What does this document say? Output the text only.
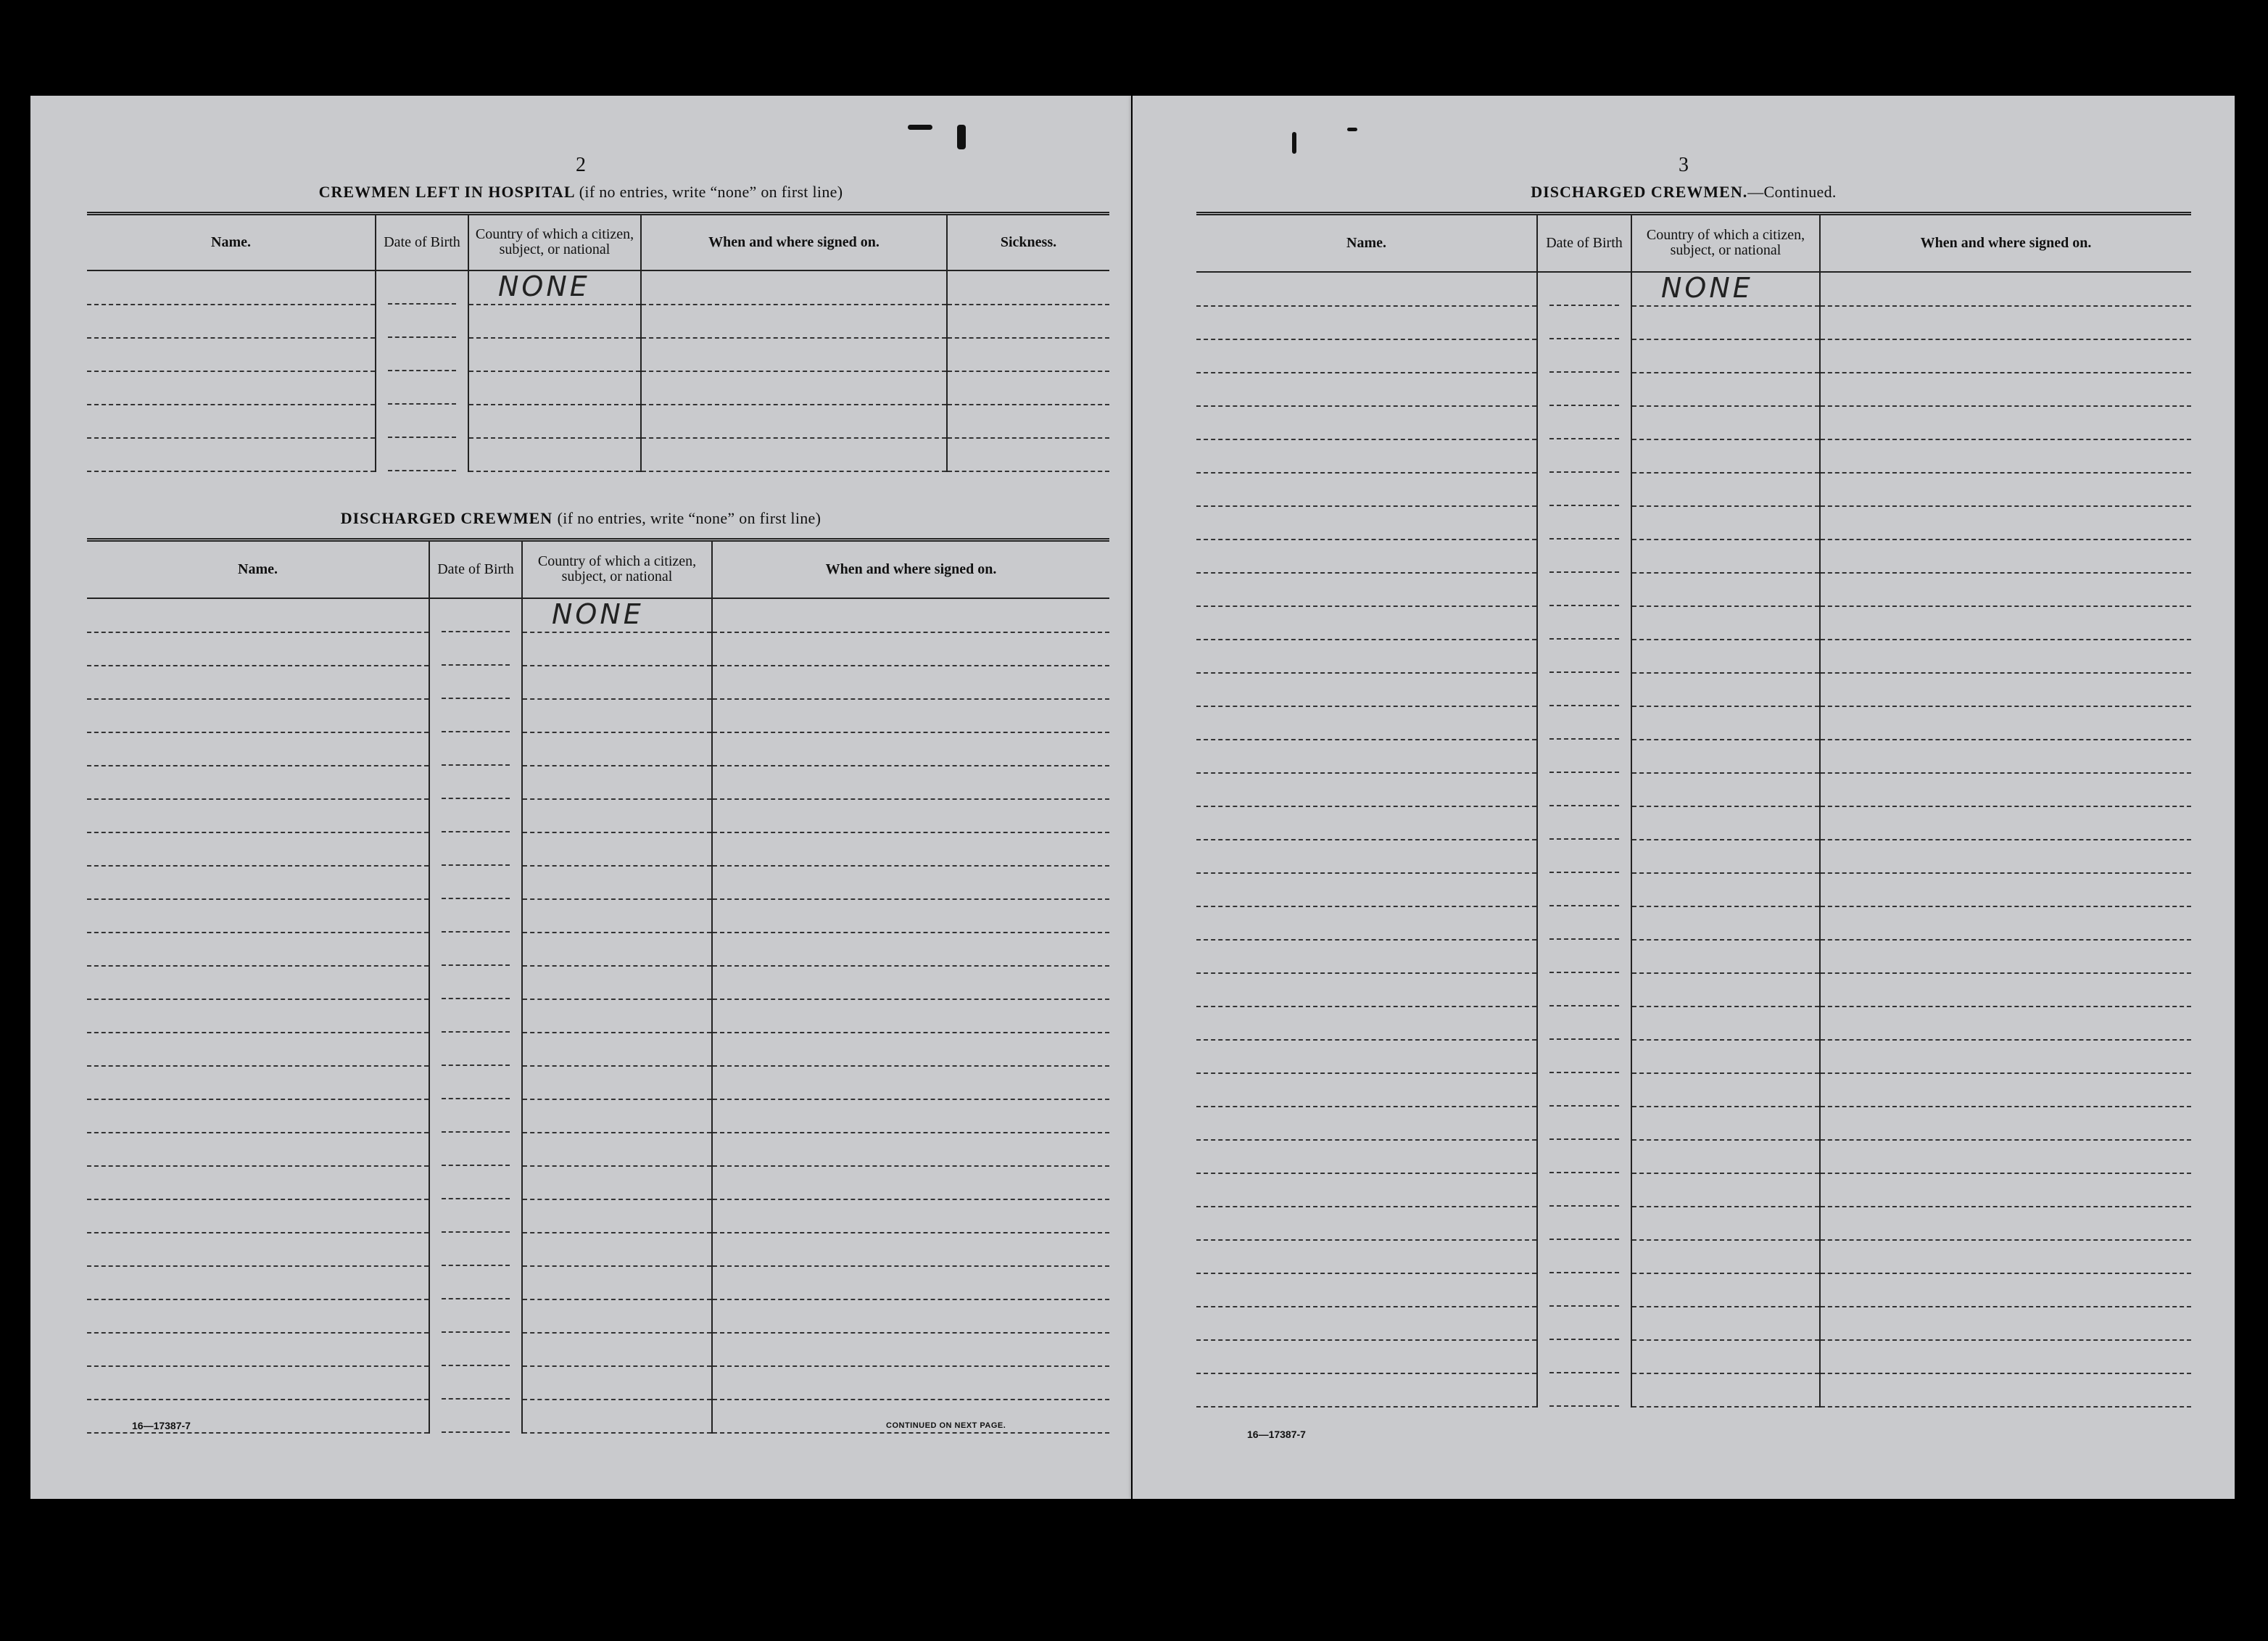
2
CREWMEN LEFT IN HOSPITAL (if no entries, write “none” on first line)
Name.	Date of Birth	Country of which a citizen, subject, or national	When and where signed on.	Sickness.

		NONE		

DISCHARGED CREWMEN (if no entries, write “none” on first line)
Name.	Date of Birth	Country of which a citizen, subject, or national	When and where signed on.

		NONE	

16—17387-7	CONTINUED ON NEXT PAGE.
3
DISCHARGED CREWMEN.—Continued.
Name.	Date of Birth	Country of which a citizen, subject, or national	When and where signed on.

		NONE	

16—17387-7
